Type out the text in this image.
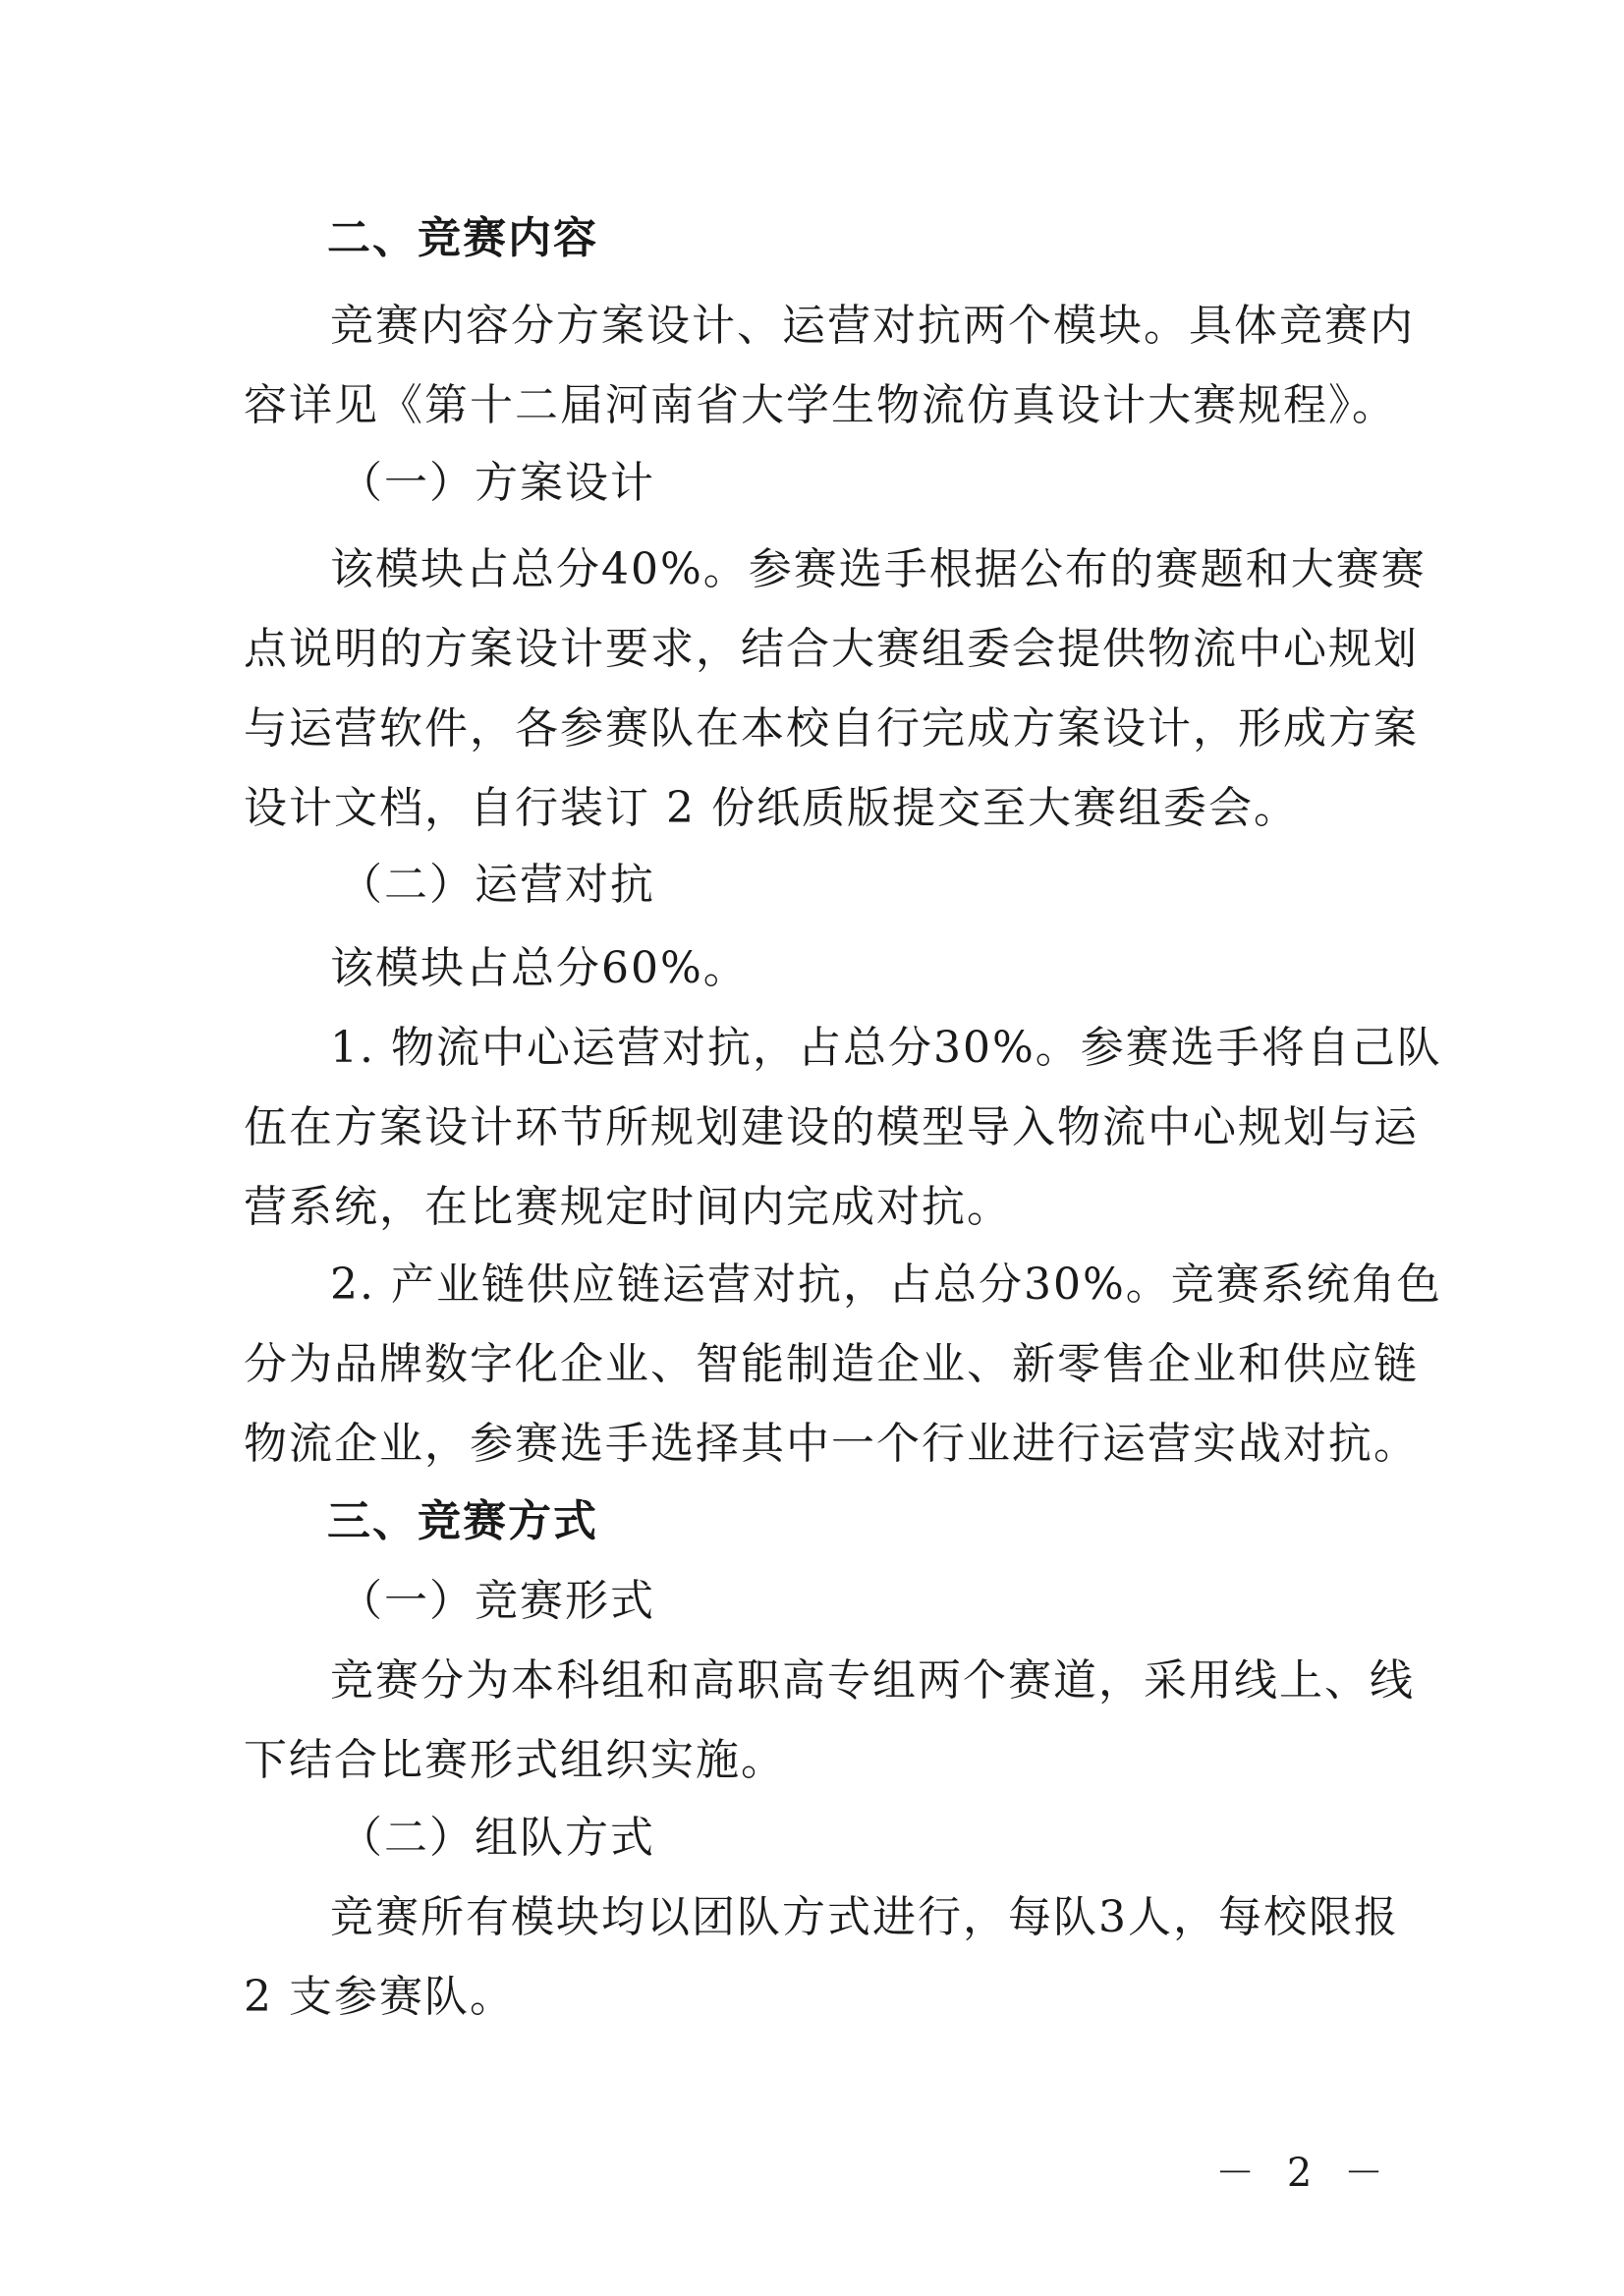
二、竞赛内容
竞赛内容分方案设计、运营对抗两个模块。具体竞赛内
容详见《第十二届河南省大学生物流仿真设计大赛规程》。
（一）方案设计
该模块占总分40%。参赛选手根据公布的赛题和大赛赛
点说明的方案设计要求，结合大赛组委会提供物流中心规划
与运营软件，各参赛队在本校自行完成方案设计，形成方案
设计文档，自行装订 2 份纸质版提交至大赛组委会。
（二）运营对抗
该模块占总分60%。
1. 物流中心运营对抗，占总分30%。参赛选手将自己队
伍在方案设计环节所规划建设的模型导入物流中心规划与运
营系统，在比赛规定时间内完成对抗。
2. 产业链供应链运营对抗，占总分30%。竞赛系统角色
分为品牌数字化企业、智能制造企业、新零售企业和供应链
物流企业，参赛选手选择其中一个行业进行运营实战对抗。
三、竞赛方式
（一）竞赛形式
竞赛分为本科组和高职高专组两个赛道，采用线上、线
下结合比赛形式组织实施。
（二）组队方式
竞赛所有模块均以团队方式进行，每队3人，每校限报
2 支参赛队。
－ 2 －
